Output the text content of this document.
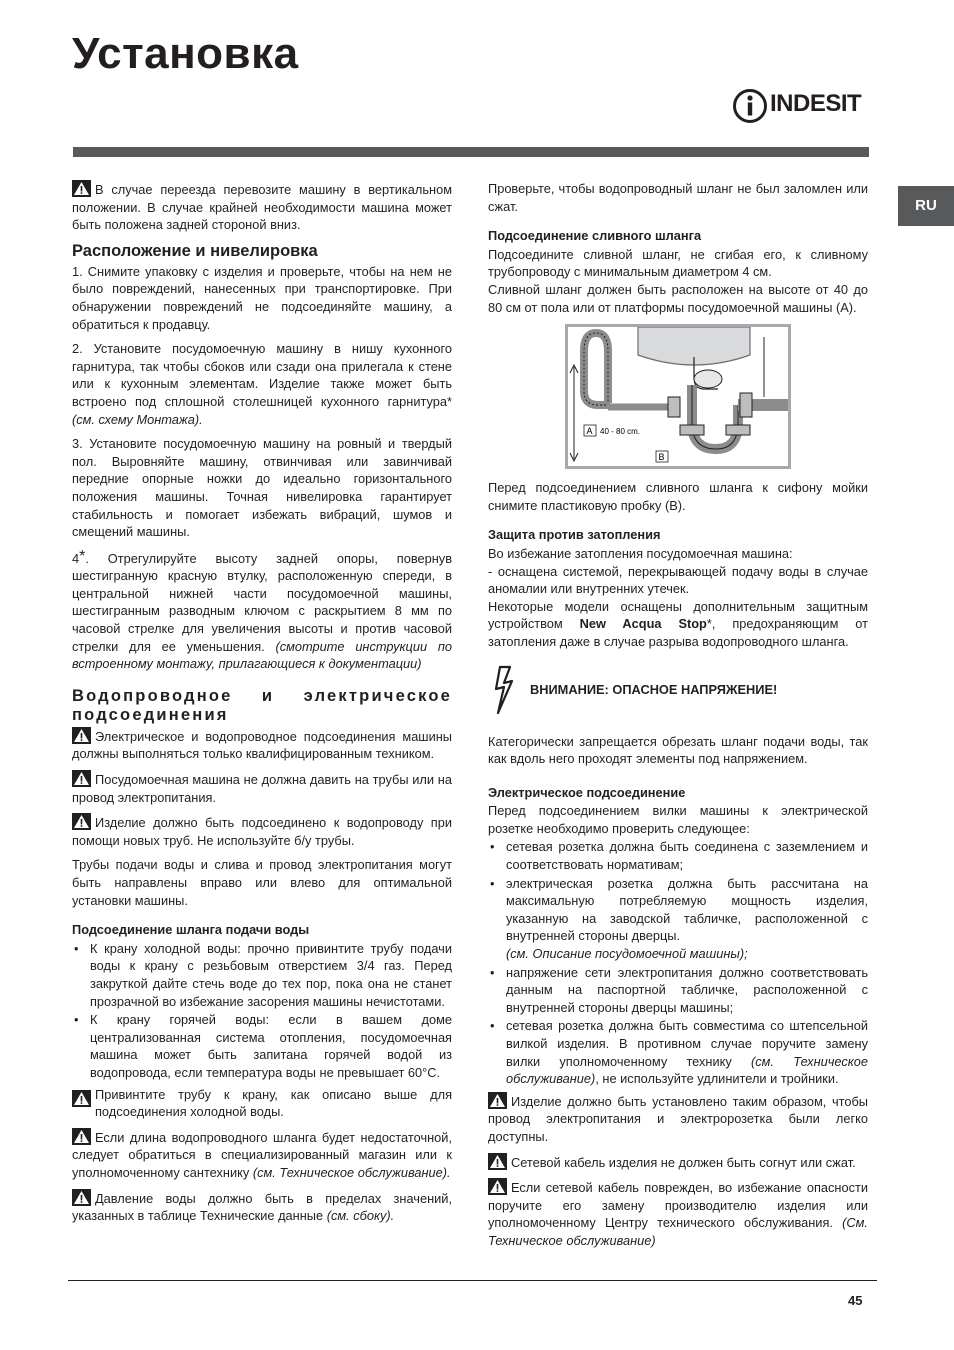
Установка
INDESIT
RU

В случае переезда перевозите машину в вертикальном положении. В случае крайней необходимости машина может быть положена задней стороной вниз.

Расположение и нивелировка

1. Снимите упаковку с изделия и проверьте, чтобы на нем не было повреждений, нанесенных при транспортировке. При обнаружении повреждений не подсоединяйте машину, а обратиться к продавцу.

2. Установите посудомоечную машину в нишу кухонного гарнитура, так чтобы сбоков или сзади она прилегала к стене или к кухонным элементам. Изделие также может быть встроено под сплошной столешницей кухонного гарнитура* (см. схему Монтажа).

3. Установите посудомоечную машину на ровный и твердый пол. Выровняйте машину, отвинчивая или завинчивай передние опорные ножки до идеально горизонтального положения машины. Точная нивелировка гарантирует стабильность и помогает избежать вибраций, шумов и смещений машины.

4*. Отрегулируйте высоту задней опоры, повернув шестигранную красную втулку, расположенную спереди, в центральной нижней части посудомоечной машины, шестигранным разводным ключом с раскрытием 8 мм по часовой стрелке для увеличения высоты и против часовой стрелки для ее уменьшения. (смотрите инструкции по встроенному монтажу, прилагающиеся к документации)

Водопроводное и электрическое подсоединения

Электрическое и водопроводное подсоединения машины должны выполняться только квалифицированным техником.

Посудомоечная машина не должна давить на трубы или на провод электропитания.

Изделие должно быть подсоединено к водопроводу при помощи новых труб. Не используйте б/у трубы.

Трубы подачи воды и слива и провод электропитания могут быть направлены вправо или влево для оптимальной установки машины.

Подсоединение шланга подачи воды
• К крану холодной воды: прочно привинтите трубу подачи воды к крану с резьбовым отверстием 3/4 газ. Перед закруткой дайте стечь воде до тех пор, пока она не станет прозрачной во избежание засорения машины нечистотами.
• К крану горячей воды: если в вашем доме централизованная система отопления, посудомоечная машина может быть запитана горячей водой из водопровода, если температура воды не превышает 60°C.
Привинтите трубу к крану, как описано выше для подсоединения холодной воды.

Если длина водопроводного шланга будет недостаточной, следует обратиться в специализированный магазин или к уполномоченному сантехнику (см. Техническое обслуживание).

Давление воды должно быть в пределах значений, указанных в таблице Технические данные (см. сбоку).

Проверьте, чтобы водопроводный шланг не был заломлен или сжат.

Подсоединение сливного шланга

Подсоедините сливной шланг, не сгибая его, к сливному трубопроводу с минимальным диаметром 4 см.

Сливной шланг должен быть расположен на высоте от 40 до 80 см от пола или от платформы посудомоечной машины (A).

A 40 - 80 cm.
B

Перед подсоединением сливного шланга к сифону мойки снимите пластиковую пробку (B).

Защита против затопления

Во избежание затопления посудомоечная машина:

- оснащена системой, перекрывающей подачу воды в случае аномалии или внутренних утечек.

Некоторые модели оснащены дополнительным защитным устройством New Acqua Stop*, предохраняющим от затопления даже в случае разрыва водопроводного шланга.

ВНИМАНИЕ: ОПАСНОЕ НАПРЯЖЕНИЕ!

Категорически запрещается обрезать шланг подачи воды, так как вдоль него проходят элементы под напряжением.

Электрическое подсоединение

Перед подсоединением вилки машины к электрической розетке необходимо проверить следующее:

• сетевая розетка должна быть соединена с заземлением и соответствовать нормативам;
• электрическая розетка должна быть рассчитана на максимальную потребляемую мощность изделия, указанную на заводской табличке, расположенной с внутренней стороны дверцы.
(см. Описание посудомоечной машины);
• напряжение сети электропитания должно соответствовать данным на паспортной табличке, расположенной с внутренней стороны дверцы машины;
• сетевая розетка должна быть совместима со штепсельной вилкой изделия. В противном случае поручите замену вилки уполномоченному технику (см. Техническое обслуживание), не используйте удлинители и тройники.

Изделие должно быть установлено таким образом, чтобы провод электропитания и электророзетка были легко доступны.

Сетевой кабель изделия не должен быть согнут или сжат.

Если сетевой кабель поврежден, во избежание опасности поручите его замену производителю изделия или уполномоченному Центру технического обслуживания. (См. Техническое обслуживание)

45
